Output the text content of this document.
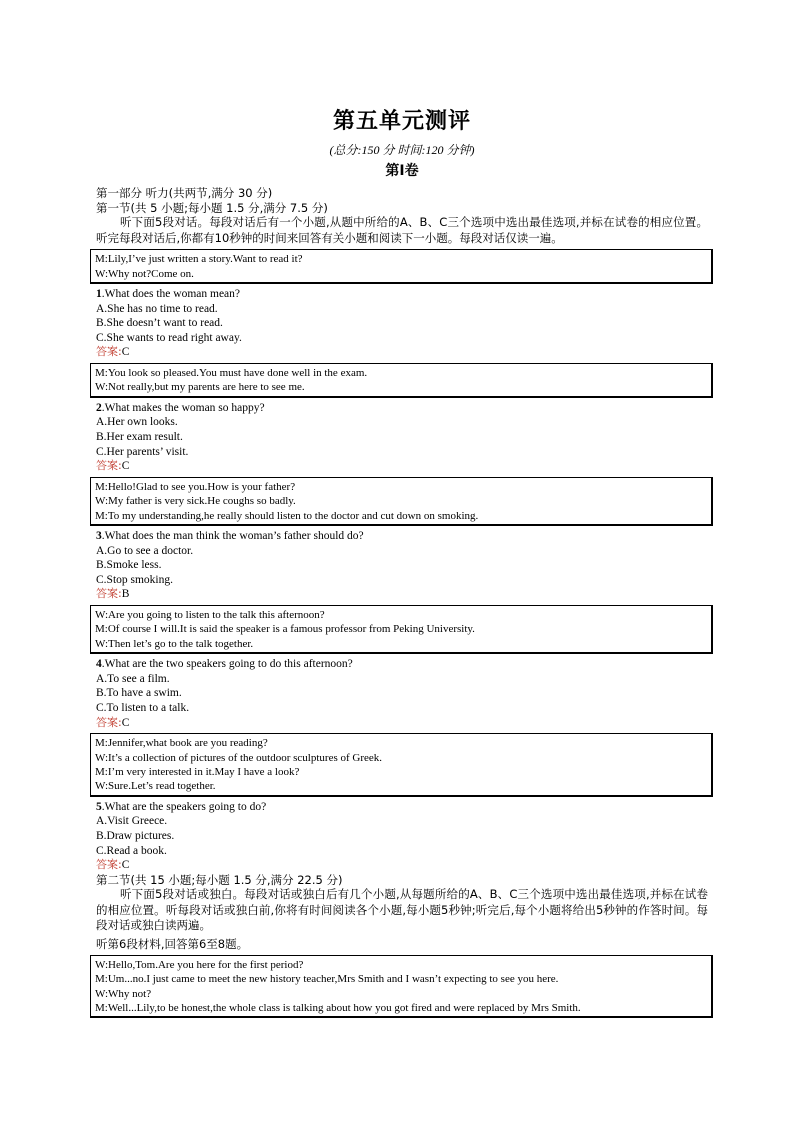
第五单元测评
(总分:150 分 时间:120 分钟)
第Ⅰ卷
第一部分 听力(共两节,满分 30 分)
第一节(共 5 小题;每小题 1.5 分,满分 7.5 分)

听下面5段对话。每段对话后有一个小题,从题中所给的A、B、C三个选项中选出最佳选项,并标在试卷的相应位置。听完每段对话后,你都有10秒钟的时间来回答有关小题和阅读下一小题。每段对话仅读一遍。

M:Lily,I’ve just written a story.Want to read it?
W:Why not?Come on.
1.What does the woman mean?
A.She has no time to read.
B.She doesn’t want to read.
C.She wants to read right away.
答案:C
M:You look so pleased.You must have done well in the exam.
W:Not really,but my parents are here to see me.
2.What makes the woman so happy?
A.Her own looks.
B.Her exam result.
C.Her parents’ visit.
答案:C
M:Hello!Glad to see you.How is your father?
W:My father is very sick.He coughs so badly.
M:To my understanding,he really should listen to the doctor and cut down on smoking.
3.What does the man think the woman’s father should do?
A.Go to see a doctor.
B.Smoke less.
C.Stop smoking.
答案:B
W:Are you going to listen to the talk this afternoon?
M:Of course I will.It is said the speaker is a famous professor from Peking University.
W:Then let’s go to the talk together.
4.What are the two speakers going to do this afternoon?
A.To see a film.
B.To have a swim.
C.To listen to a talk.
答案:C
M:Jennifer,what book are you reading?
W:It’s a collection of pictures of the outdoor sculptures of Greek.
M:I’m very interested in it.May I have a look?
W:Sure.Let’s read together.
5.What are the speakers going to do?
A.Visit Greece.
B.Draw pictures.
C.Read a book.
答案:C
第二节(共 15 小题;每小题 1.5 分,满分 22.5 分)

听下面5段对话或独白。每段对话或独白后有几个小题,从每题所给的A、B、C三个选项中选出最佳选项,并标在试卷的相应位置。听每段对话或独白前,你将有时间阅读各个小题,每小题5秒钟;听完后,每个小题将给出5秒钟的作答时间。每段对话或独白读两遍。

听第6段材料,回答第6至8题。
W:Hello,Tom.Are you here for the first period?
M:Um...no.I just came to meet the new history teacher,Mrs Smith and I wasn’t expecting to see you here.
W:Why not?
M:Well...Lily,to be honest,the whole class is talking about how you got fired and were replaced by Mrs Smith.
